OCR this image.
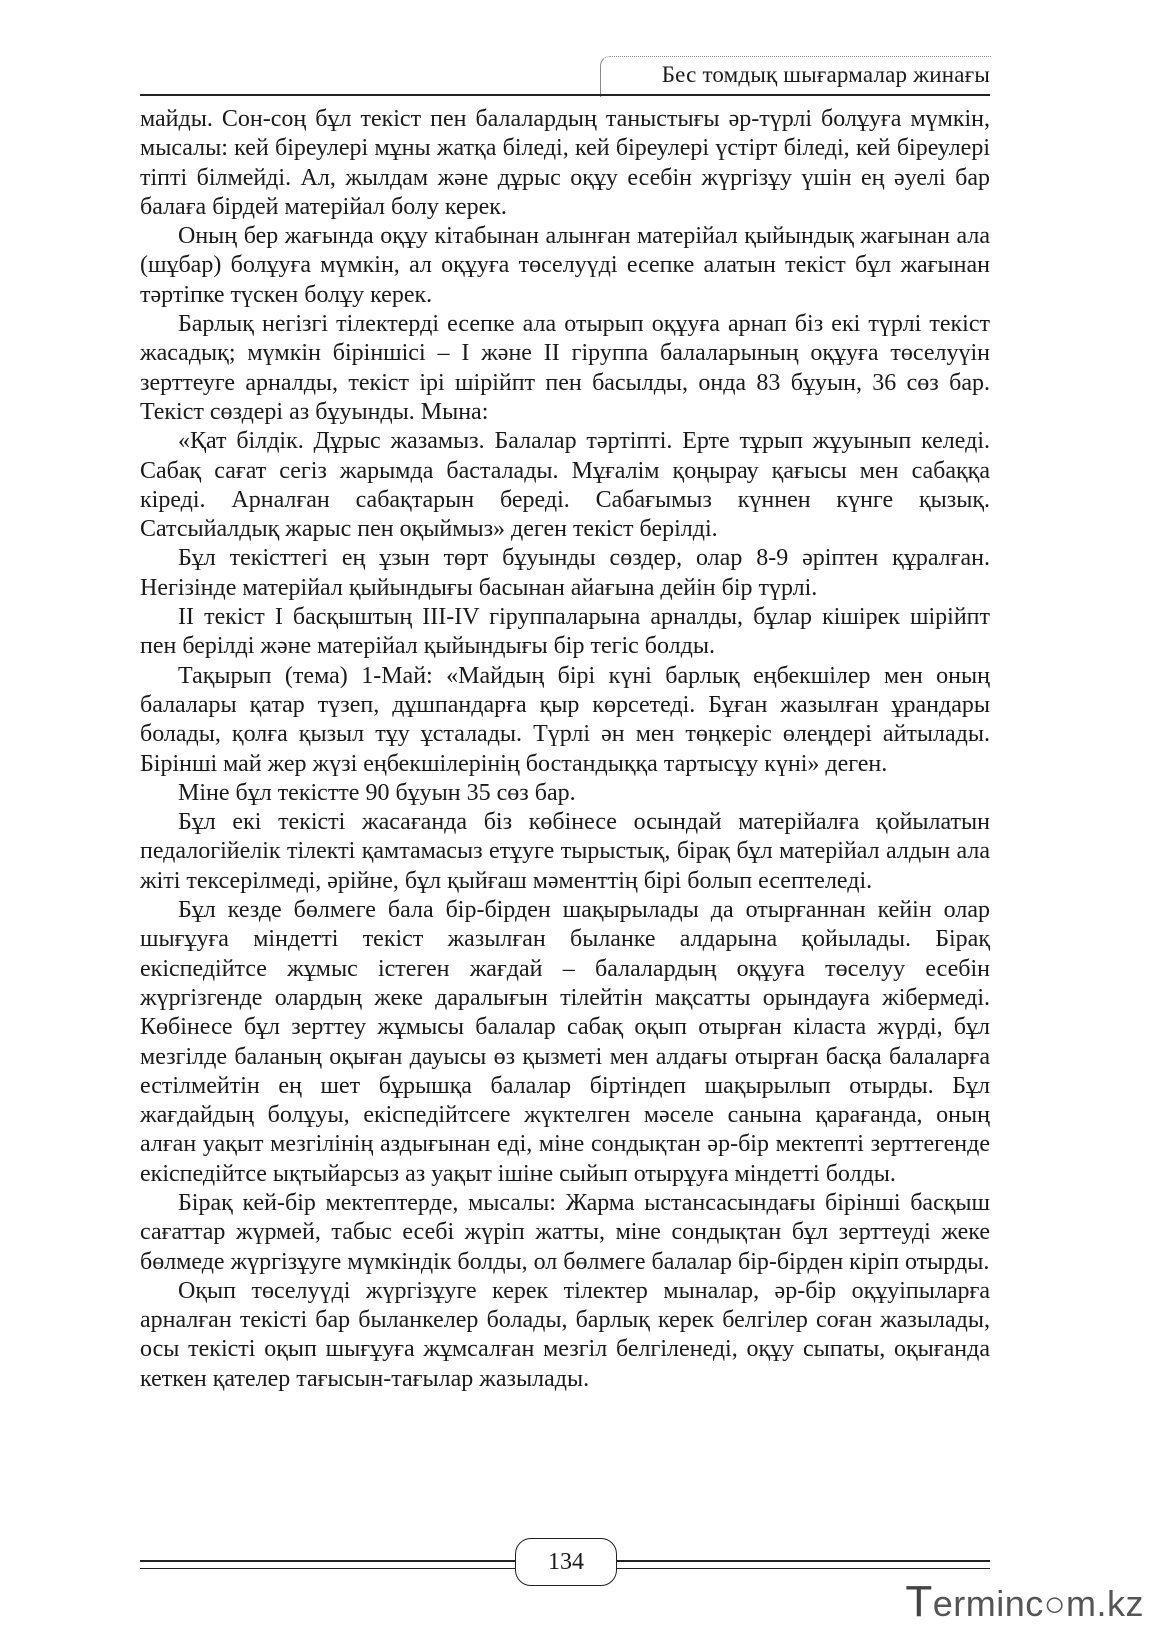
Бес томдық шығармалар жинағы

майды. Сон-соң бұл текіст пен балалардың таныстығы әр-түрлі болұуға мүмкін, мысалы: кей біреулері мұны жатқа біледі, кей біреулері үстірт біледі, кей біреулері тіпті білмейді. Ал, жылдам және дұрыс оқұу есебін жүргізұу үшін ең әуелі бар балаға бірдей матерійал болу керек.

Оның бер жағында оқұу кітабынан алынған матерійал қыйындық жағынан ала (шұбар) болұуға мүмкін, ал оқұуға төселуүді есепке алатын текіст бұл жағынан тәртіпке түскен болұу керек.

Барлық негізгі тілектерді есепке ала отырып оқұуға арнап біз екі түрлі текіст жасадық; мүмкін біріншісі – I және II гіруппа балаларының оқұуға төселуүін зерттеуге арналды, текіст ірі шірійпт пен басылды, онда 83 бұуын, 36 сөз бар. Текіст сөздері аз бұуынды. Мына:

«Қат білдік. Дұрыс жазамыз. Балалар тәртіпті. Ерте тұрып жұуынып келеді. Сабақ сағат сегіз жарымда басталады. Мұғалім қоңырау қағысы мен сабаққа кіреді. Арналған сабақтарын береді. Сабағымыз күннен күнге қызық. Сатсыйалдық жарыс пен оқыймыз» деген текіст берілді.

Бұл текісттегі ең ұзын төрт бұуынды сөздер, олар 8-9 әріптен құралған. Негізінде матерійал қыйындығы басынан айағына дейін бір түрлі.

II текіст I басқыштың III-IV гіруппаларына арналды, бұлар кішірек шірійпт пен берілді және матерійал қыйындығы бір тегіс болды.

Тақырып (тема) 1-Май: «Майдың бірі күні барлық еңбекшілер мен оның балалары қатар түзеп, дұшпандарға қыр көрсетеді. Бұған жазылған ұрандары болады, қолға қызыл тұу ұсталады. Түрлі ән мен төңкеріс өлеңдері айтылады. Бірінші май жер жүзі еңбекшілерінің бостандыққа тартысұу күні» деген.

Міне бұл текістте 90 бұуын 35 сөз бар.

Бұл екі текісті жасағанда біз көбінесе осындай матерійалға қойылатын педалогійелік тілекті қамтамасыз етұуге тырыстық, бірақ бұл матерійал алдын ала жіті тексерілмеді, әрійне, бұл қыйғаш мәменттің бірі болып есептеледі.

Бұл кезде бөлмеге бала бір-бірден шақырылады да отырғаннан кейін олар шығұуға міндетті текіст жазылған быланке алдарына қойылады. Бірақ екіспедійтсе жұмыс істеген жағдай – балалардың оқұуға төселуу есебін жүргізгенде олардың жеке даралығын тілейтін мақсатты орындауға жібермеді. Көбінесе бұл зерттеу жұмысы балалар сабақ оқып отырған кіласта жүрді, бұл мезгілде баланың оқыған дауысы өз қызметі мен алдағы отырған басқа балаларға естілмейтін ең шет бұрышқа балалар біртіндеп шақырылып отырды. Бұл жағдайдың болұуы, екіспедійтсеге жүктелген мәселе санына қарағанда, оның алған уақыт мезгілінің аздығынан еді, міне сондықтан әр-бір мектепті зерттегенде екіспедійтсе ықтыйарсыз аз уақыт ішіне сыйып отырұуға міндетті болды.

Бірақ кей-бір мектептерде, мысалы: Жарма ыстансасындағы бірінші басқыш сағаттар жүрмей, табыс есебі жүріп жатты, міне сондықтан бұл зерттеуді жеке бөлмеде жүргізұуге мүмкіндік болды, ол бөлмеге балалар бір-бірден кіріп отырды.

Оқып төселуүді жүргізұуге керек тілектер мыналар, әр-бір оқұуіпыларға арналған текісті бар быланкелер болады, барлық керек белгілер соған жазылады, осы текісті оқып шығұуға жұмсалған мезгіл белгіленеді, оқұу сыпаты, оқығанда кеткен қателер тағысын-тағылар жазылады.

134
Terminc○m.kz
